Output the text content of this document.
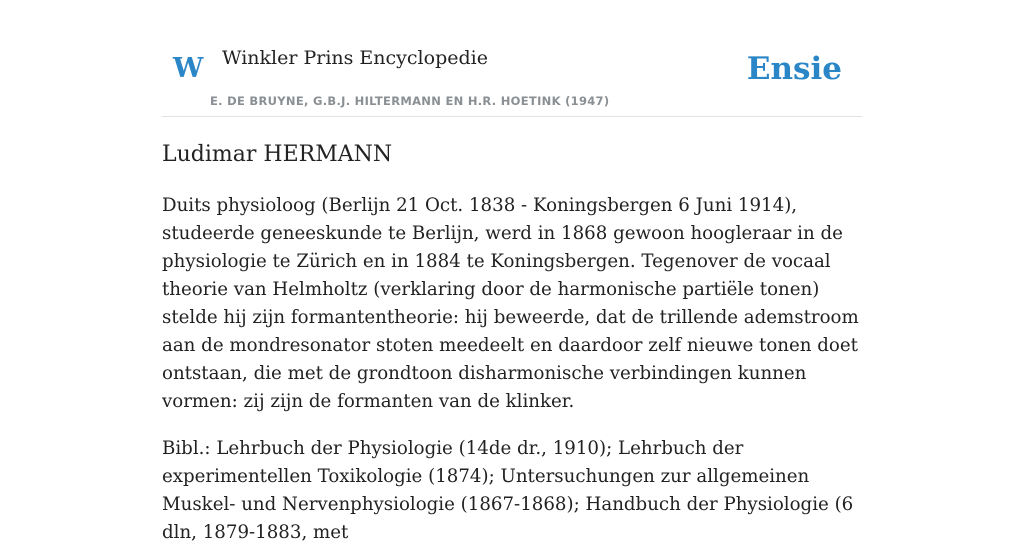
W Winkler Prins Encyclopedie
E. DE BRUYNE, G.B.J. HILTERMANN EN H.R. HOETINK (1947)
Ensie
Ludimar HERMANN

Duits physioloog (Berlijn 21 Oct. 1838 - Koningsbergen 6 Juni 1914), studeerde geneeskunde te Berlijn, werd in 1868 gewoon hoogleraar in de physiologie te Zürich en in 1884 te Koningsbergen. Tegenover de vocaal theorie van Helmholtz (verklaring door de harmonische partiële tonen) stelde hij zijn formantentheorie: hij beweerde, dat de trillende ademstroom aan de mondresonator stoten meedeelt en daardoor zelf nieuwe tonen doet ontstaan, die met de grondtoon disharmonische verbindingen kunnen vormen: zij zijn de formanten van de klinker.

Bibl.: Lehrbuch der Physiologie (14de dr., 1910); Lehrbuch der experimentellen Toxikologie (1874); Untersuchungen zur allgemeinen Muskel- und Nervenphysiologie (1867-1868); Handbuch der Physiologie (6 dln, 1879-1883, met
